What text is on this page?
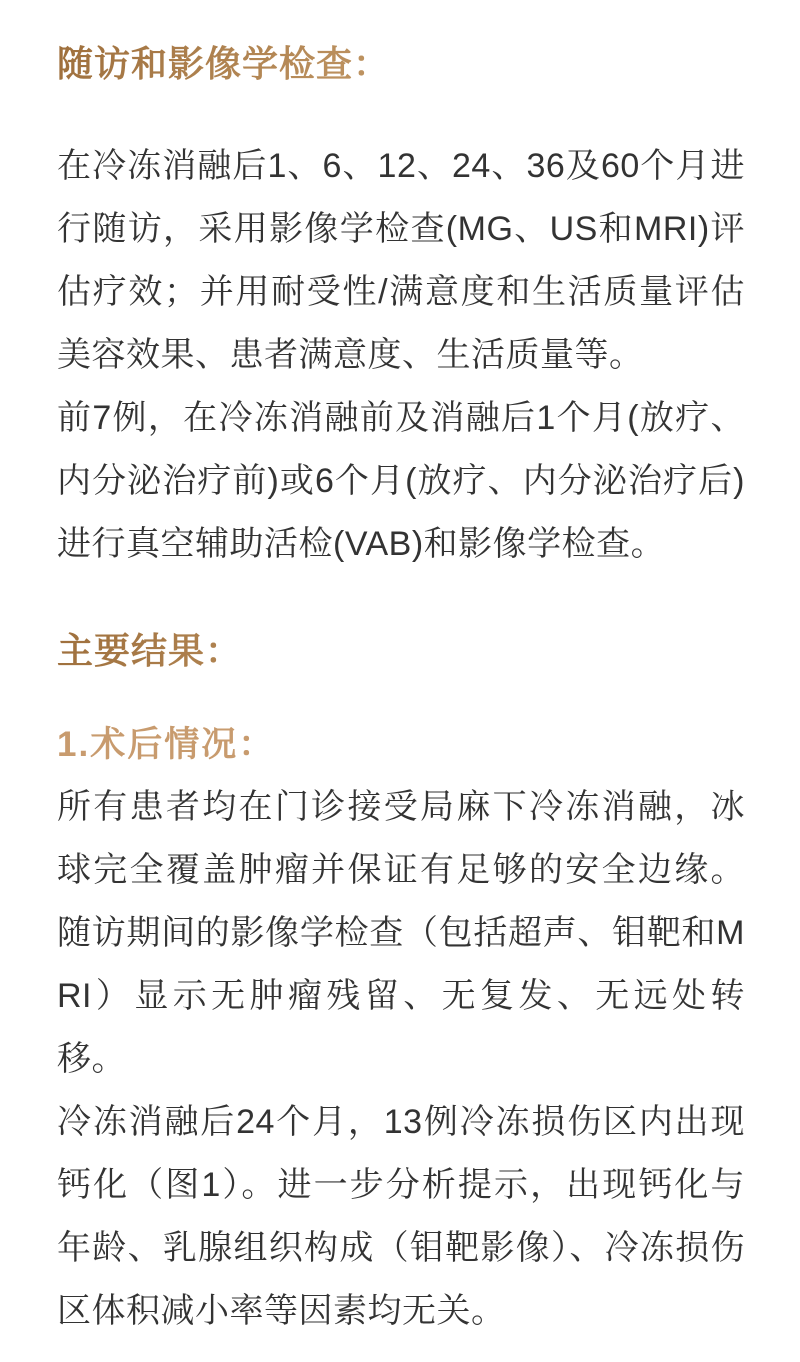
随访和影像学检查：

在冷冻消融后1、6、12、24、36及60个月进行随访，采用影像学检查(MG、US和MRI)评估疗效；并用耐受性/满意度和生活质量评估美容效果、患者满意度、生活质量等。

前7例，在冷冻消融前及消融后1个月(放疗、内分泌治疗前)或6个月(放疗、内分泌治疗后)进行真空辅助活检(VAB)和影像学检查。

主要结果：
1.术后情况：

所有患者均在门诊接受局麻下冷冻消融，冰球完全覆盖肿瘤并保证有足够的安全边缘。随访期间的影像学检查（包括超声、钼靶和MRI）显示无肿瘤残留、无复发、无远处转移。

冷冻消融后24个月，13例冷冻损伤区内出现钙化（图1）。进一步分析提示，出现钙化与年龄、乳腺组织构成（钼靶影像）、冷冻损伤区体积减小率等因素均无关。
